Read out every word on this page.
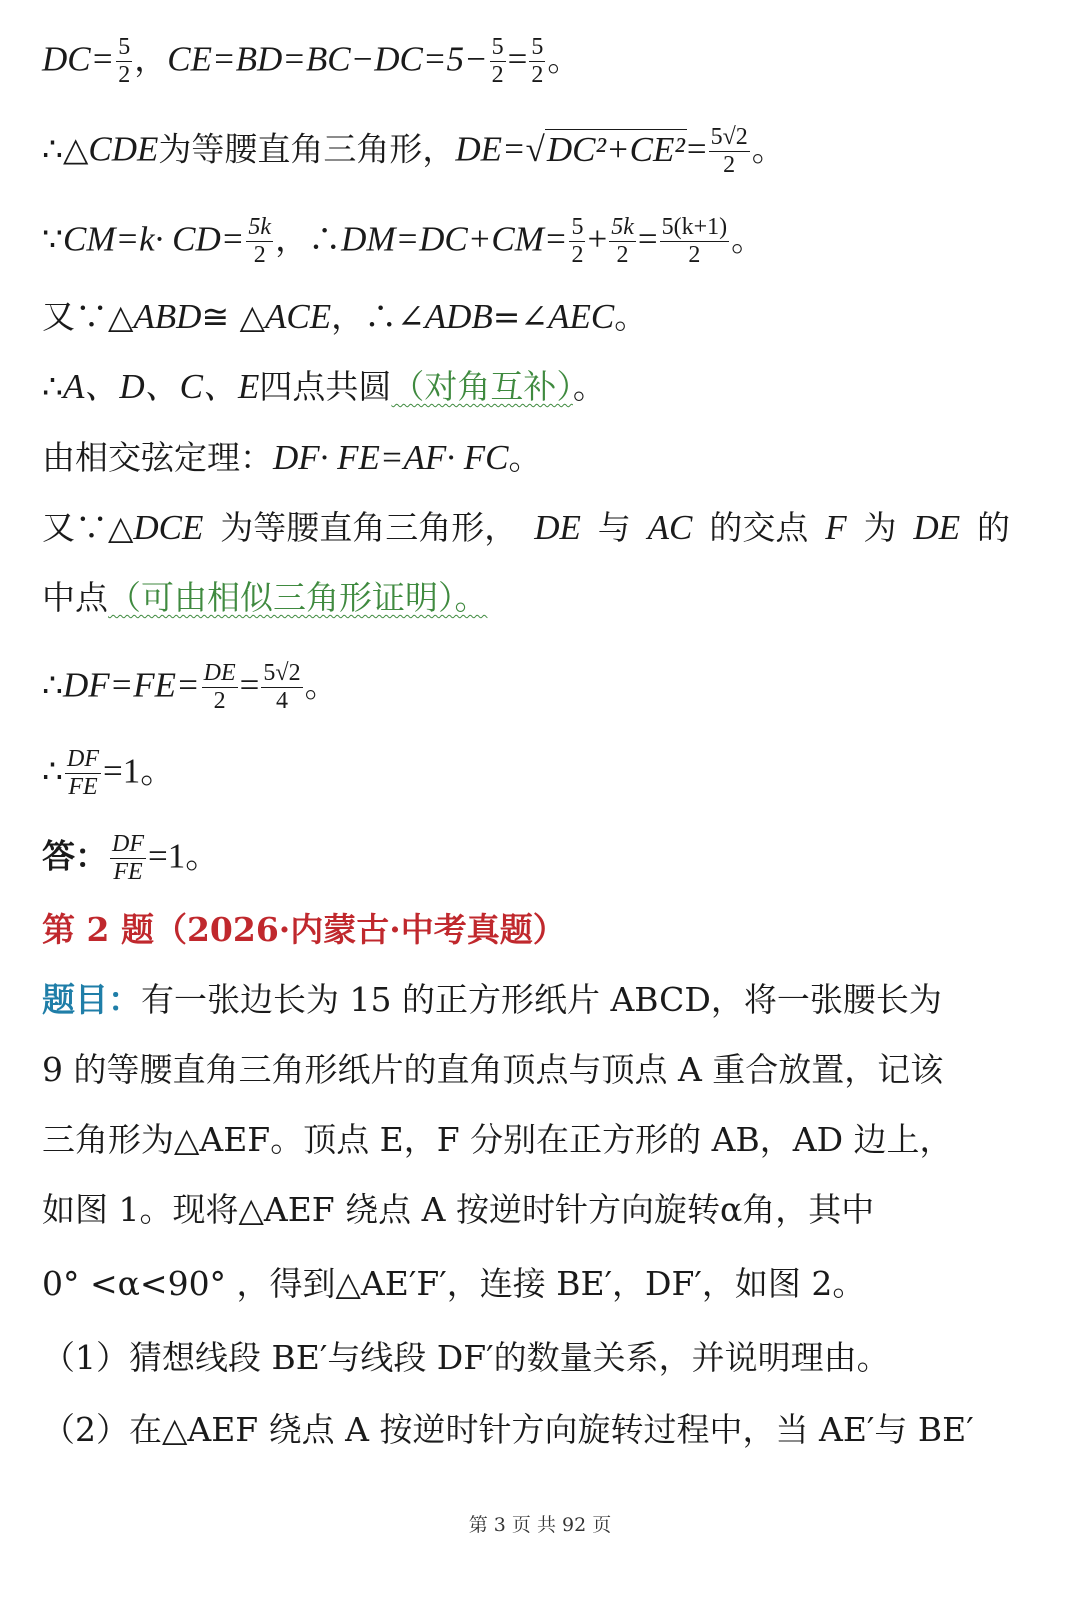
$DC= \frac{5}{2}$ ，$CE=BD=BC-DC=5- \frac{5}{2} = \frac{5}{2}$ 。
∴△CDE为等腰直角三角形，$DE=√DC^2+CE^2= \frac{5√2}{2}$ 。
∵CM=k· $CD= \frac{5k}{2}$ ，∴DM=DC+CM= $\frac{5}{2} + \frac{5k}{2} = \frac{5(k+1)}{2}$ 。
又∵△ABD≅ △ACE，∴∠ADB=∠AEC。
∴A、D、C、E四点共圆（对角互补）。
由相交弦定理：DF· FE=AF· FC。
又∵△DCE 为等腰直角三角形， DE 与 AC 的交点 F 为 DE 的
中点（可由相似三角形证明）。
∴DF=FE= $\frac{DE}{2} = \frac{5√2}{4}$ 。
∴ $\frac{DF}{FE} =1$。
答： $\frac{DF}{FE} =1$。
第 2 题（2026·内蒙古·中考真题）
题目：有一张边长为 15 的正方形纸片 ABCD，将一张腰长为
9 的等腰直角三角形纸片的直角顶点与顶点 A 重合放置，记该
三角形为△AEF。顶点 E，F 分别在正方形的 AB，AD 边上，
如图 1。现将△AEF 绕点 A 按逆时针方向旋转α角，其中
0° <α<90° ，得到△AE′F′，连接 BE′，DF′，如图 2。
（1）猜想线段 BE′与线段 DF′的数量关系，并说明理由。
（2）在△AEF 绕点 A 按逆时针方向旋转过程中，当 AE′与 BE′
第 3 页 共 92 页
